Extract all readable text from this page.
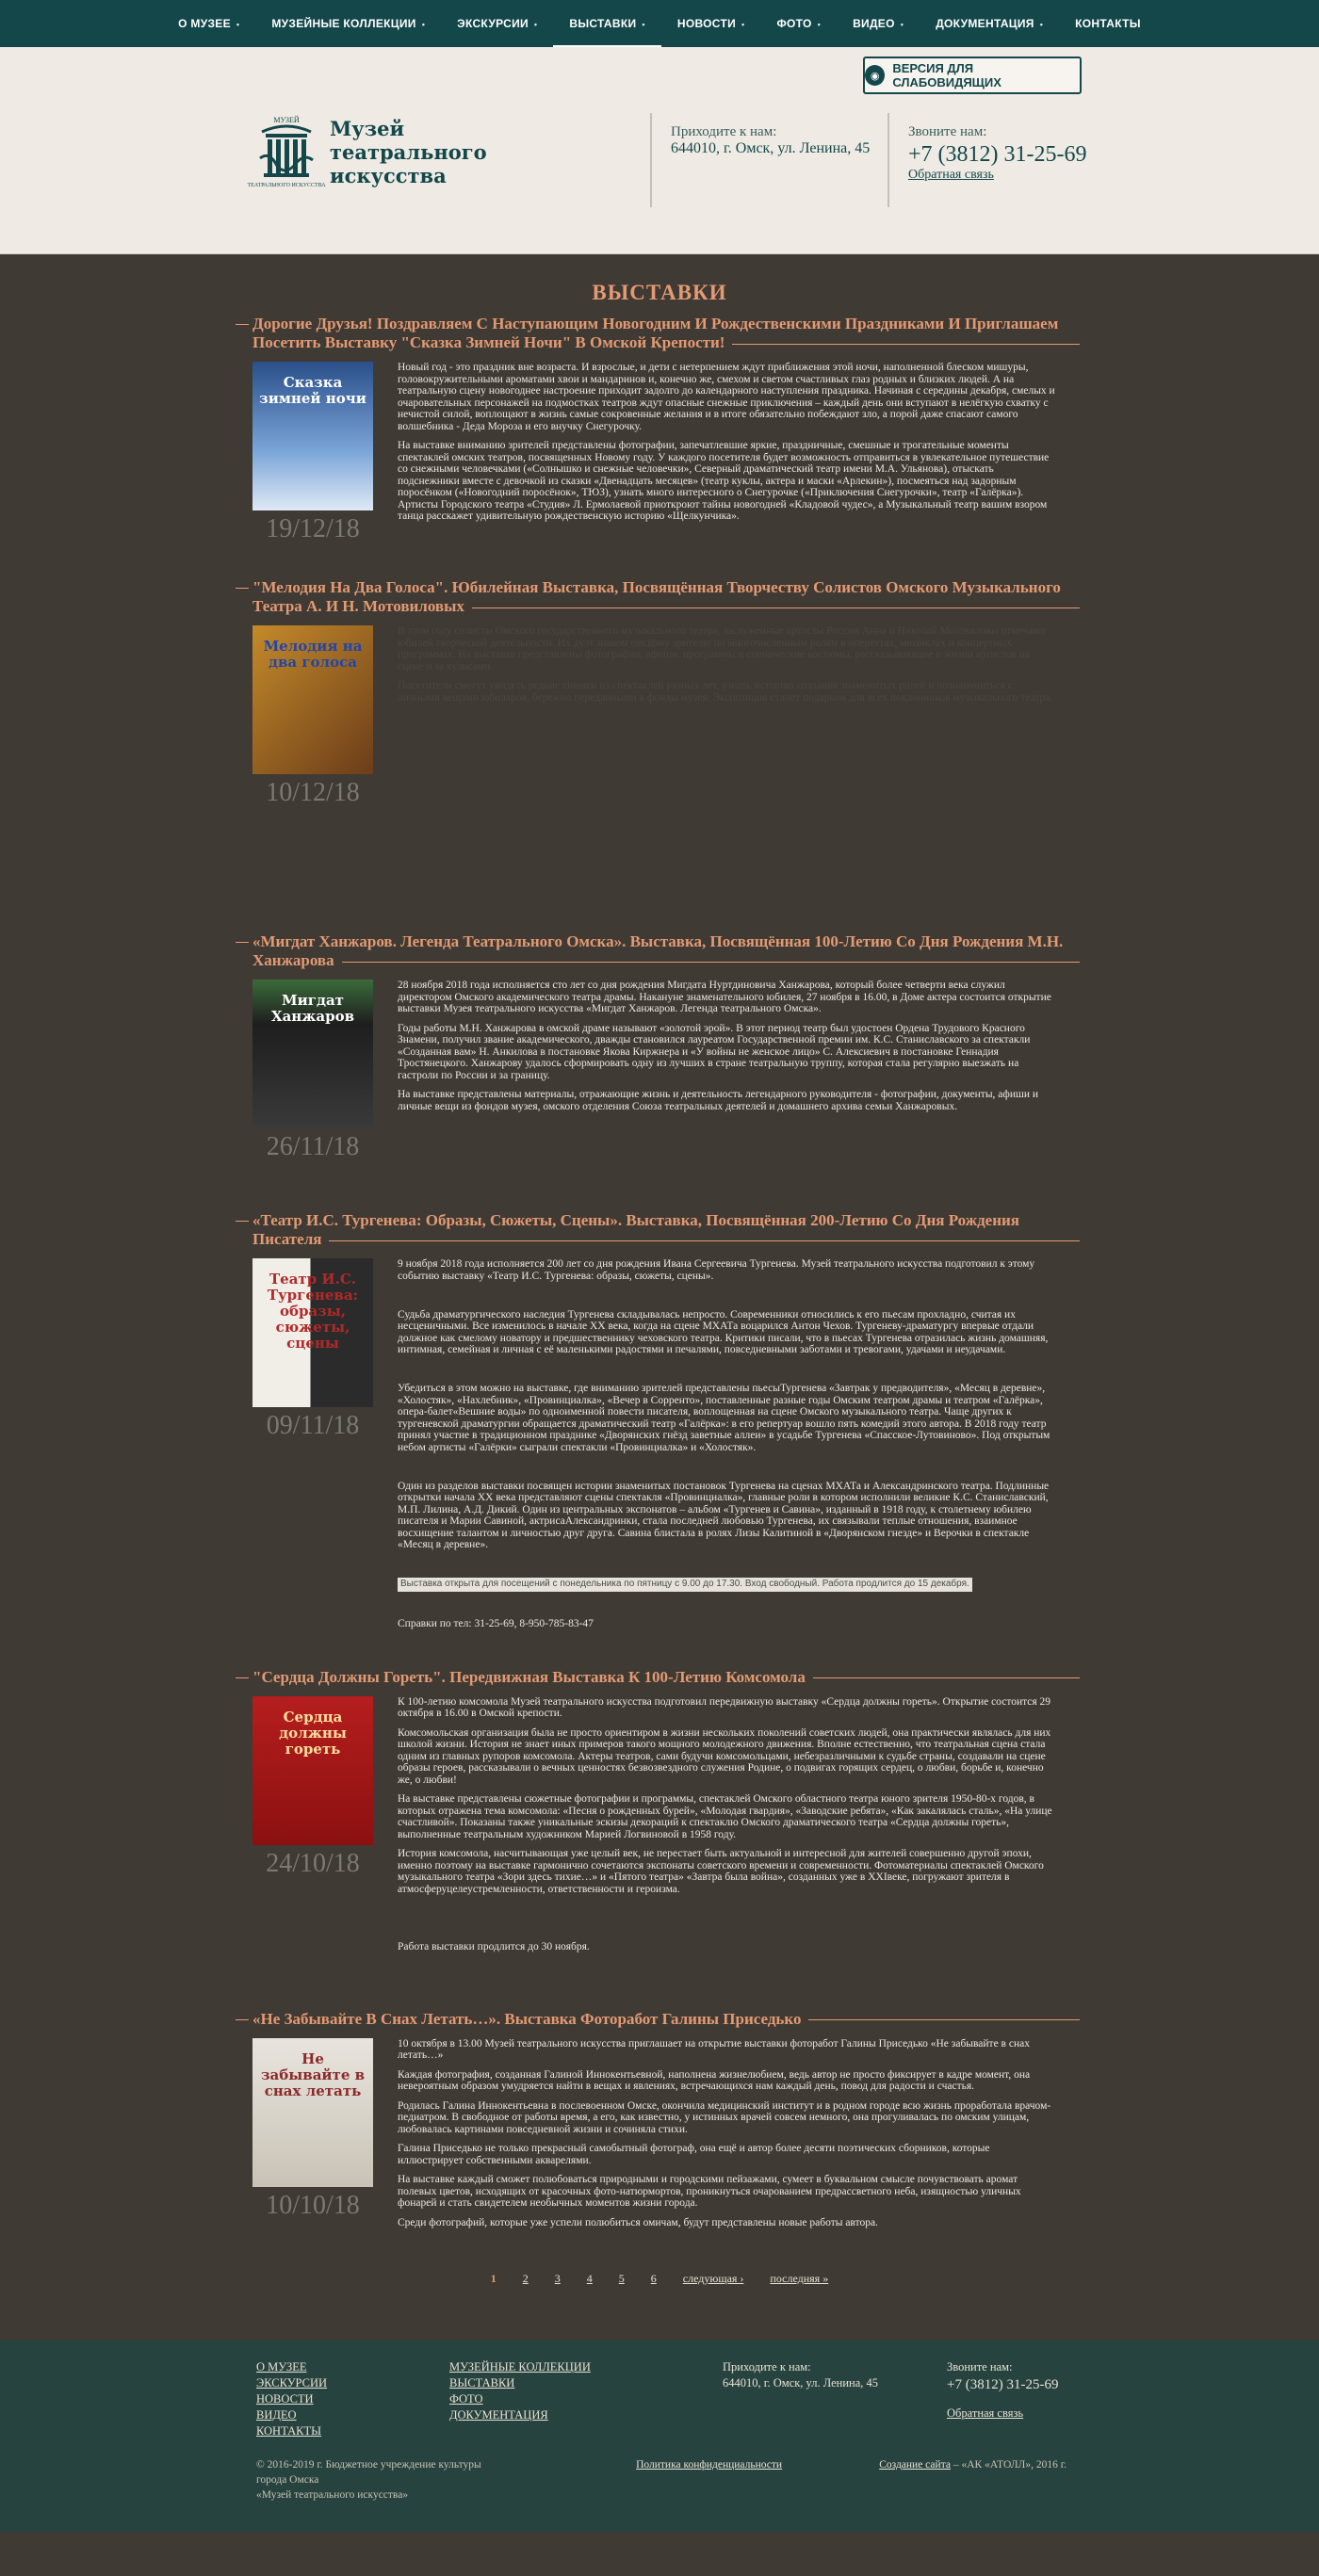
О МУЗЕЕ •	МУЗЕЙНЫЕ КОЛЛЕКЦИИ •	ЭКСКУРСИИ •	ВЫСТАВКИ •	НОВОСТИ •	ФОТО •	ВИДЕО •	ДОКУМЕНТАЦИЯ •	КОНТАКТЫ
◉
ВЕРСИЯ ДЛЯ СЛАБОВИДЯЩИХ
МУЗЕЙ
ТЕАТРАЛЬНОГО ИСКУССТВА
Музей
театрального
искусства
Приходите к нам:
644010, г. Омск, ул. Ленина, 45
Звоните нам:
+7 (3812) 31-25-69
Обратная связь
ВЫСТАВКИ
Дорогие Друзья! Поздравляем С Наступающим Новогодним И Рождественскими Праздниками И Приглашаем Посетить Выставку "Сказка Зимней Ночи" В Омской Крепости!
Сказка зимней ночи
19/12/18

Новый год - это праздник вне возраста. И взрослые, и дети с нетерпением ждут приближения этой ночи, наполненной блеском мишуры, головокружительными ароматами хвои и мандаринов и, конечно же, смехом и светом счастливых глаз родных и близких людей. А на театральную сцену новогоднее настроение приходит задолго до календарного наступления праздника. Начиная с середины декабря, смелых и очаровательных персонажей на подмостках театров ждут опасные снежные приключения – каждый день они вступают в нелёгкую схватку с нечистой силой, воплощают в жизнь самые сокровенные желания и в итоге обязательно побеждают зло, а порой даже спасают самого волшебника - Деда Мороза и его внучку Снегурочку.

На выставке вниманию зрителей представлены фотографии, запечатлевшие яркие, праздничные, смешные и трогательные моменты спектаклей омских театров, посвященных Новому году. У каждого посетителя будет возможность отправиться в увлекательное путешествие со снежными человечками («Солнышко и снежные человечки», Северный драматический театр имени М.А. Ульянова), отыскать подснежники вместе с девочкой из сказки «Двенадцать месяцев» (театр куклы, актера и маски «Арлекин»), посмеяться над задорным поросёнком («Новогодний поросёнок», ТЮЗ), узнать много интересного о Снегурочке («Приключения Снегурочки», театр «Галёрка»). Артисты Городского театра «Студия» Л. Ермолаевой приоткроют тайны новогодней «Кладовой чудес», а Музыкальный театр вашим взором танца расскажет удивительную рождественскую историю «Щелкунчика».

"Мелодия На Два Голоса". Юбилейная Выставка, Посвящённая Творчеству Солистов Омского Музыкального Театра А. И Н. Мотовиловых
Мелодия на два голоса
10/12/18

В этом году солисты Омского государственного музыкального театра, заслуженные артисты России Анна и Николай Мотовиловы отмечают юбилей творческой деятельности. Их дуэт знаком омскому зрителю по многочисленным ролям в опереттах, мюзиклах и концертных программах. На выставке представлены фотографии, афиши, программы и сценические костюмы, рассказывающие о жизни артистов на сцене и за кулисами.

Посетители смогут увидеть редкие снимки из спектаклей разных лет, узнать историю создания знаменитых ролей и познакомиться с личными вещами юбиляров, бережно переданными в фонды музея. Экспозиция станет подарком для всех поклонников музыкального театра.

«Мигдат Ханжаров. Легенда Театрального Омска». Выставка, Посвящённая 100-Летию Со Дня Рождения М.Н. Ханжарова
Мигдат Ханжаров
26/11/18

28 ноября 2018 года исполняется сто лет со дня рождения Мигдата Нуртдиновича Ханжарова, который более четверти века служил директором Омского академического театра драмы. Накануне знаменательного юбилея, 27 ноября в 16.00, в Доме актера состоится открытие выставки Музея театрального искусства «Мигдат Ханжаров. Легенда театрального Омска».

Годы работы М.Н. Ханжарова в омской драме называют «золотой эрой». В этот период театр был удостоен Ордена Трудового Красного Знамени, получил звание академического, дважды становился лауреатом Государственной премии им. К.С. Станиславского за спектакли «Созданная вам» Н. Анкилова в постановке Якова Киржнера и «У войны не женское лицо» С. Алексиевич в постановке Геннадия Тростянецкого. Ханжарову удалось сформировать одну из лучших в стране театральную труппу, которая стала регулярно выезжать на гастроли по России и за границу.

На выставке представлены материалы, отражающие жизнь и деятельность легендарного руководителя - фотографии, документы, афиши и личные вещи из фондов музея, омского отделения Союза театральных деятелей и домашнего архива семьи Ханжаровых.

«Театр И.С. Тургенева: Образы, Сюжеты, Сцены». Выставка, Посвящённая 200-Летию Со Дня Рождения Писателя
Театр И.С. Тургенева: образы, сюжеты, сцены
09/11/18

9 ноября 2018 года исполняется 200 лет со дня рождения Ивана Сергеевича Тургенева. Музей театрального искусства подготовил к этому событию выставку «Театр И.С. Тургенева: образы, сюжеты, сцены».

Судьба драматургического наследия Тургенева складывалась непросто. Современники относились к его пьесам прохладно, считая их несценичными. Все изменилось в начале XX века, когда на сцене МХАТа воцарился Антон Чехов. Тургеневу-драматургу впервые отдали должное как смелому новатору и предшественнику чеховского театра. Критики писали, что в пьесах Тургенева отразилась жизнь домашняя, интимная, семейная и личная с её маленькими радостями и печалями, повседневными заботами и тревогами, удачами и неудачами.

Убедиться в этом можно на выставке, где вниманию зрителей представлены пьесыТургенева «Завтрак у предводителя», «Месяц в деревне», «Холостяк», «Нахлебник», «Провинциалка», «Вечер в Сорренто», поставленные разные годы Омским театром драмы и театром «Галёрка», опера-балет«Вешние воды» по одноименной повести писателя, воплощенная на сцене Омского музыкального театра. Чаще других к тургеневской драматургии обращается драматический театр «Галёрка»: в его репертуар вошло пять комедий этого автора. В 2018 году театр принял участие в традиционном празднике «Дворянских гнёзд заветные аллеи» в усадьбе Тургенева «Спасское-Лутовиново». Под открытым небом артисты «Галёрки» сыграли спектакли «Провинциалка» и «Холостяк».

Один из разделов выставки посвящен истории знаменитых постановок Тургенева на сценах МХАТа и Александринского театра. Подлинные открытки начала XX века представляют сцены спектакля «Провинциалка», главные роли в котором исполнили великие К.С. Станиславский, М.П. Лилина, А.Д. Дикий. Один из центральных экспонатов – альбом «Тургенев и Савина», изданный в 1918 году, к столетнему юбилею писателя и Марии Савиной, актрисаАлександринки, стала последней любовью Тургенева, их связывали теплые отношения, взаимное восхищение талантом и личностью друг друга. Савина блистала в ролях Лизы Калитиной в «Дворянском гнезде» и Верочки в спектакле «Месяц в деревне».

Выставка открыта для посещений с понедельника по пятницу с 9.00 до 17.30. Вход свободный. Работа продлится до 15 декабря.

Справки по тел: 31-25-69, 8-950-785-83-47

"Сердца Должны Гореть". Передвижная Выставка К 100-Летию Комсомола
Сердца должны гореть
24/10/18

К 100-летию комсомола Музей театрального искусства подготовил передвижную выставку «Сердца должны гореть». Открытие состоится 29 октября в 16.00 в Омской крепости.

Комсомольская организация была не просто ориентиром в жизни нескольких поколений советских людей, она практически являлась для них школой жизни. История не знает иных примеров такого мощного молодежного движения. Вполне естественно, что театральная сцена стала одним из главных рупоров комсомола. Актеры театров, сами будучи комсомольцами, небезразличными к судьбе страны, создавали на сцене образы героев, рассказывали о вечных ценностях безвозвездного служения Родине, о подвигах горящих сердец, о любви, борьбе и, конечно же, о любви!

На выставке представлены сюжетные фотографии и программы, спектаклей Омского областного театра юного зрителя 1950-80-х годов, в которых отражена тема комсомола: «Песня о рожденных бурей», «Молодая гвардия», «Заводские ребята», «Как закалялась сталь», «На улице счастливой». Показаны также уникальные эскизы декораций к спектаклю Омского драматического театра «Сердца должны гореть», выполненные театральным художником Марией Логвиновой в 1958 году.

История комсомола, насчитывающая уже целый век, не перестает быть актуальной и интересной для жителей совершенно другой эпохи, именно поэтому на выставке гармонично сочетаются экспонаты советского времени и современности. Фотоматериалы спектаклей Омского музыкального театра «Зори здесь тихие…» и «Пятого театра» «Завтра была война», созданных уже в XXIвеке, погружают зрителя в атмосферуцелеустремленности, ответственности и героизма.

Работа выставки продлится до 30 ноября.

«Не Забывайте В Снах Летать…». Выставка Фоторабот Галины Приседько
Не забывайте в снах летать
10/10/18

10 октября в 13.00 Музей театрального искусства приглашает на открытие выставки фоторабот Галины Приседько «Не забывайте в снах летать…»

Каждая фотография, созданная Галиной Иннокентьевной, наполнена жизнелюбием, ведь автор не просто фиксирует в кадре момент, она невероятным образом умудряется найти в вещах и явлениях, встречающихся нам каждый день, повод для радости и счастья.

Родилась Галина Иннокентьевна в послевоенном Омске, окончила медицинский институт и в родном городе всю жизнь проработала врачом-педиатром. В свободное от работы время, а его, как известно, у истинных врачей совсем немного, она прогуливалась по омским улицам, любовалась картинами повседневной жизни и сочиняла стихи.

Галина Приседько не только прекрасный самобытный фотограф, она ещё и автор более десяти поэтических сборников, которые иллюстрирует собственными акварелями.

На выставке каждый сможет полюбоваться природными и городскими пейзажами, сумеет в буквальном смысле почувствовать аромат полевых цветов, исходящих от красочных фото-натюрмортов, проникнуться очарованием предрассветного неба, изящностью уличных фонарей и стать свидетелем необычных моментов жизни города.

Среди фотографий, которые уже успели полюбиться омичам, будут представлены новые работы автора.

1 2 3 4 5 6 следующая › последняя »
О МУЗЕЕ
ЭКСКУРСИИ
НОВОСТИ
ВИДЕО
КОНТАКТЫ
МУЗЕЙНЫЕ КОЛЛЕКЦИИ
ВЫСТАВКИ
ФОТО
ДОКУМЕНТАЦИЯ
Приходите к нам:
644010, г. Омск, ул. Ленина, 45
Звоните нам:
+7 (3812) 31-25-69
Обратная связь
© 2016-2019 г. Бюджетное учреждение культуры
города Омска
«Музей театрального искусства»
Политика конфиденциальности	Создание сайта – «АК «АТОЛЛ», 2016 г.
